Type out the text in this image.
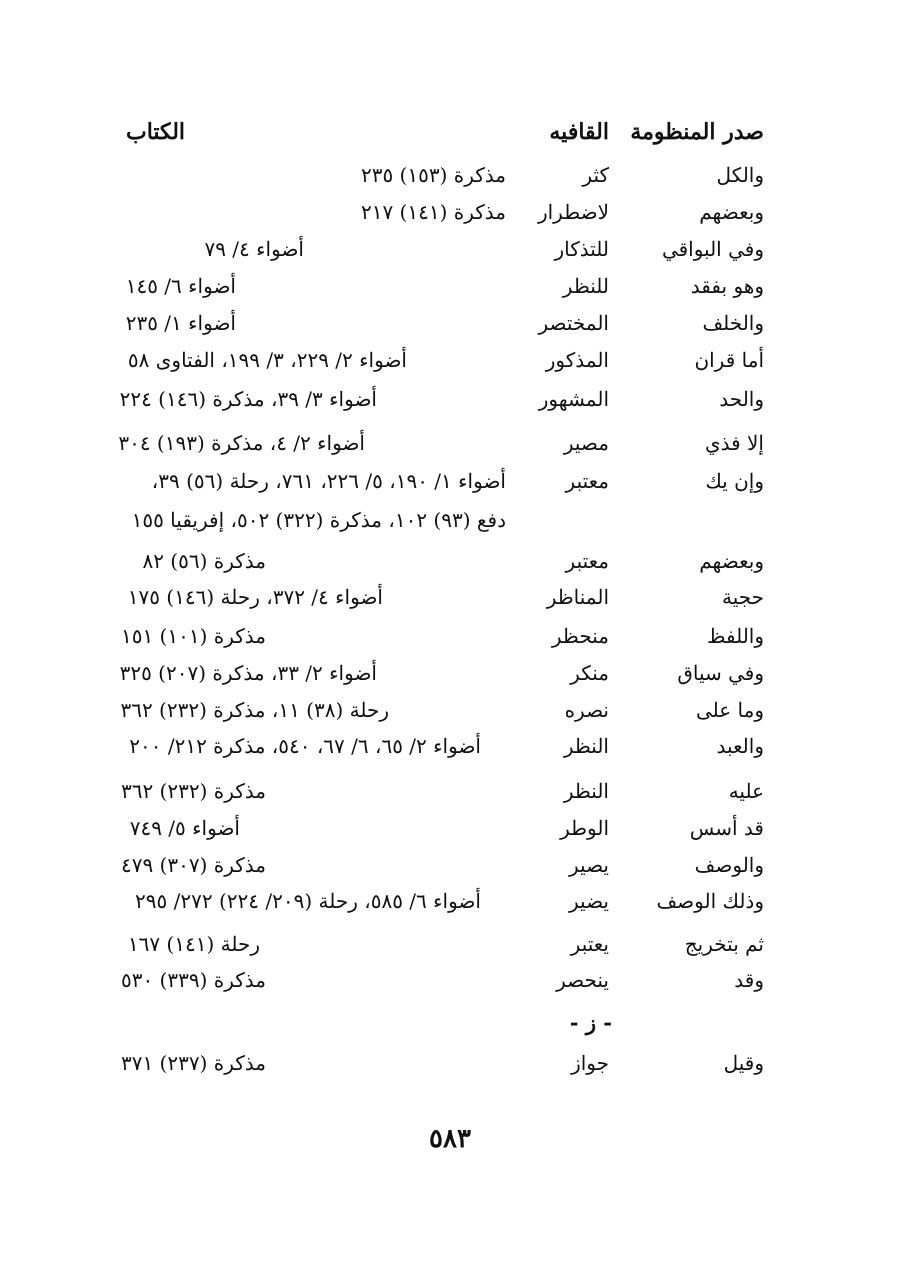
صدر المنظومة
القافيه
الكتاب
والكل
كثر
مذكرة (١٥٣) ٢٣٥
وبعضهم
لاضطرار
مذكرة (١٤١) ٢١٧
وفي البواقي
للتذكار
أضواء ٤/ ٧٩
وهو بفقد
للنظر
أضواء ٦/ ١٤٥
والخلف
المختصر
أضواء ١/ ٢٣٥
أما قران
المذكور
أضواء ٢/ ٢٢٩، ٣/ ١٩٩، الفتاوى ٥٨
والحد
المشهور
أضواء ٣/ ٣٩، مذكرة (١٤٦) ٢٢٤
إلا فذي
مصير
أضواء ٢/ ٤، مذكرة (١٩٣) ٣٠٤
وإن يك
معتبر
أضواء ١/ ١٩٠، ٥/ ٢٢٦، ٧٦١، رحلة (٥٦) ٣٩،
دفع (٩٣) ١٠٢، مذكرة (٣٢٢) ٥٠٢، إفريقيا ١٥٥
وبعضهم
معتبر
مذكرة (٥٦) ٨٢
حجية
المناظر
أضواء ٤/ ٣٧٢، رحلة (١٤٦) ١٧٥
واللفظ
منحظر
مذكرة (١٠١) ١٥١
وفي سياق
منكر
أضواء ٢/ ٣٣، مذكرة (٢٠٧) ٣٢٥
وما على
نصره
رحلة (٣٨) ١١، مذكرة (٢٣٢) ٣٦٢
والعبد
النظر
أضواء ٢/ ٦٥، ٦/ ٦٧، ٥٤٠، مذكرة ٢١٢/ ٢٠٠
عليه
النظر
مذكرة (٢٣٢) ٣٦٢
قد أسس
الوطر
أضواء ٥/ ٧٤٩
والوصف
يصير
مذكرة (٣٠٧) ٤٧٩
وذلك الوصف
يضير
أضواء ٦/ ٥٨٥، رحلة (٢٠٩/ ٢٢٤) ٢٧٢/ ٢٩٥
ثم بتخريج
يعتبر
رحلة (١٤١) ١٦٧
وقد
ينحصر
مذكرة (٣٣٩) ٥٣٠
- ز -
وقيل
جواز
مذكرة (٢٣٧) ٣٧١
٥٨٣
